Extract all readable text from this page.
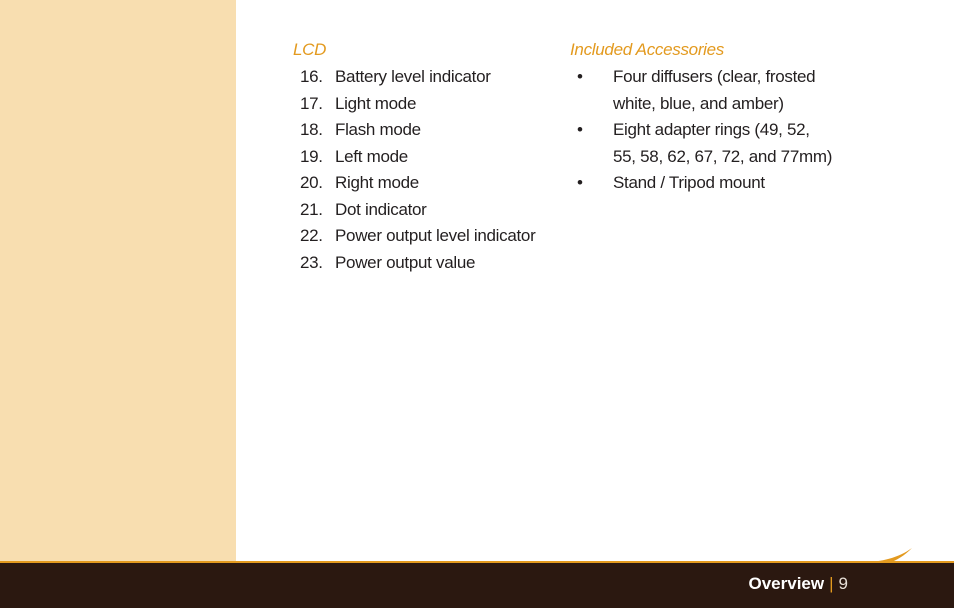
LCD

16. Battery level indicator
17. Light mode
18. Flash mode
19. Left mode
20. Right mode
21. Dot indicator
22. Power output level indicator
23. Power output value

Included Accessories

• Four diffusers (clear, frosted
white, blue, and amber)
• Eight adapter rings (49, 52,
55, 58, 62, 67, 72, and 77mm)
• Stand / Tripod mount
Overview | 9
